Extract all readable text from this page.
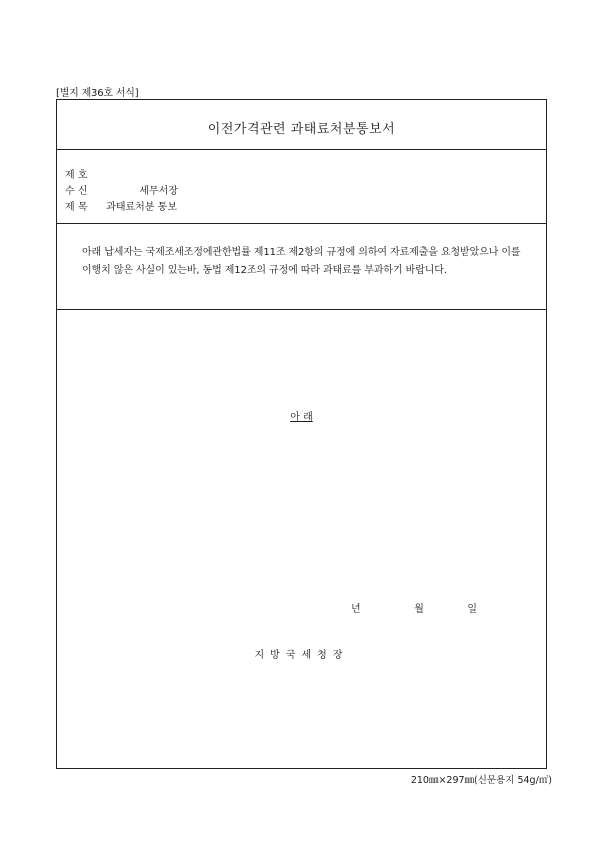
[별지 제36호 서식]
이전가격관련 과태료처분통보서
제 호
수 신	세무서장
제 목 과태료처분 통보
아래 납세자는 국제조세조정에관한법률 제11조 제2항의 규정에 의하여 자료제출을 요청받았으나 이를 이행치 않은 사실이 있는바, 동법 제12조의 규정에 따라 과태료를 부과하기 바랍니다.
아 래
년	월	일
지방국세청장
210㎜×297㎜(신문용지 54g/㎡)
